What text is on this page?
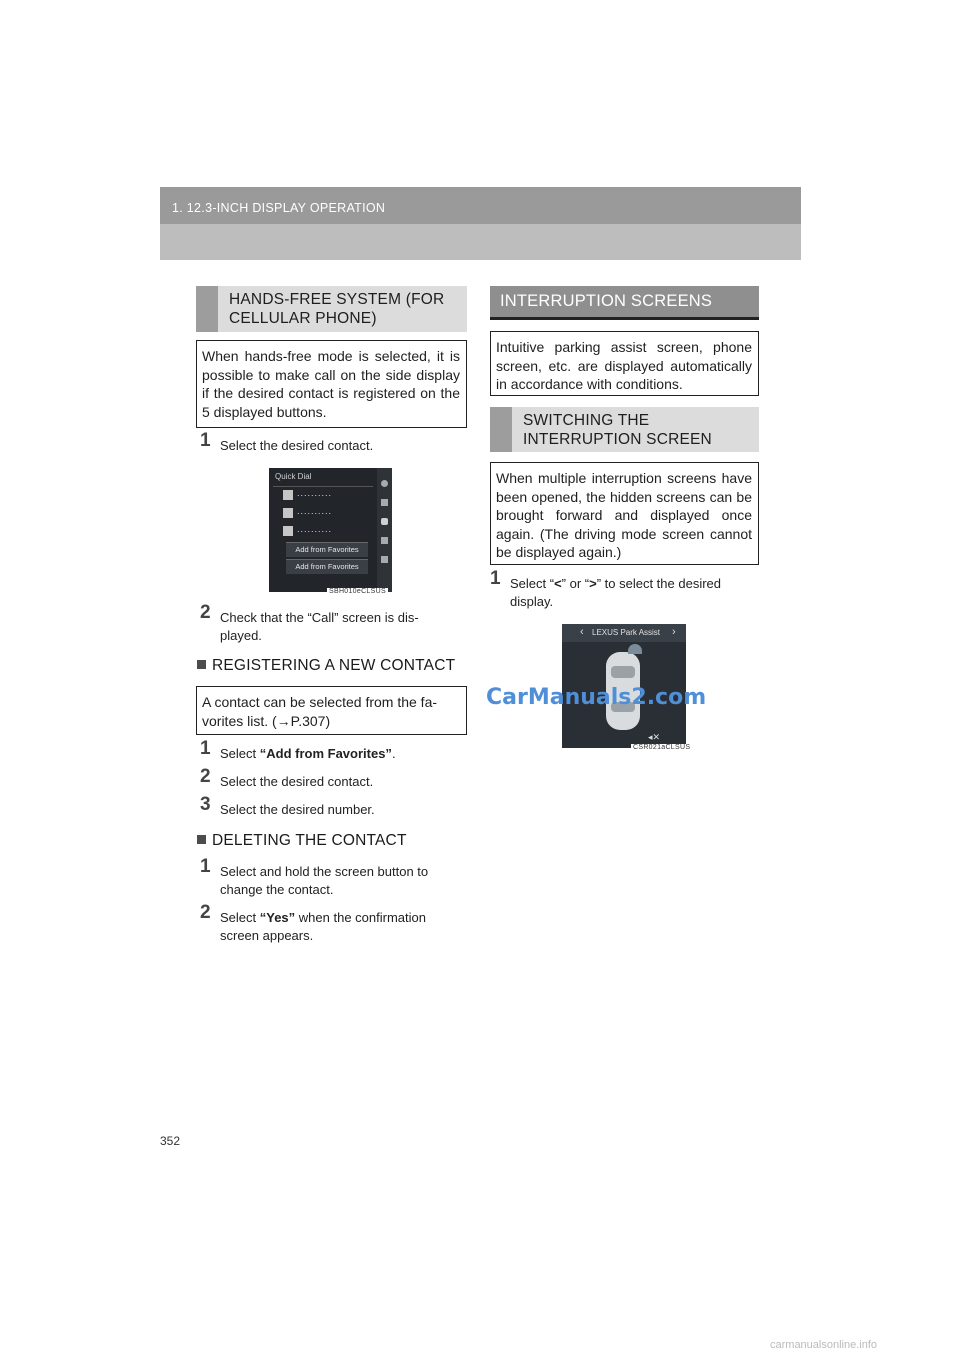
1. 12.3-INCH DISPLAY OPERATION
HANDS-FREE SYSTEM (FOR
CELLULAR PHONE)
When hands-free mode is selected, it is possible to make call on the side display if the desired contact is registered on the 5 displayed buttons.
1 Select the desired contact.
Quick Dial
..........
..........
..........
Add from Favorites
Add from Favorites
SBH010eCLSUS
2 Check that the “Call” screen is dis-
played.
REGISTERING A NEW CONTACT
A contact can be selected from the fa-
vorites list. (→P.307)
1 Select “Add from Favorites”.
2 Select the desired contact.
3 Select the desired number.
DELETING THE CONTACT
1 Select and hold the screen button to
change the contact.
2 Select “Yes” when the confirmation
screen appears.
INTERRUPTION SCREENS
Intuitive parking assist screen, phone screen, etc. are displayed automatically in accordance with conditions.
SWITCHING THE
INTERRUPTION SCREEN
When multiple interruption screens have been opened, the hidden screens can be brought forward and displayed once again. (The driving mode screen cannot be displayed again.)
1 Select “<” or “>” to select the desired
display.
LEXUS Park Assist
‹	›
◂✕
CSR021aCLSUS
CarManuals2.com
352
carmanualsonline.info
